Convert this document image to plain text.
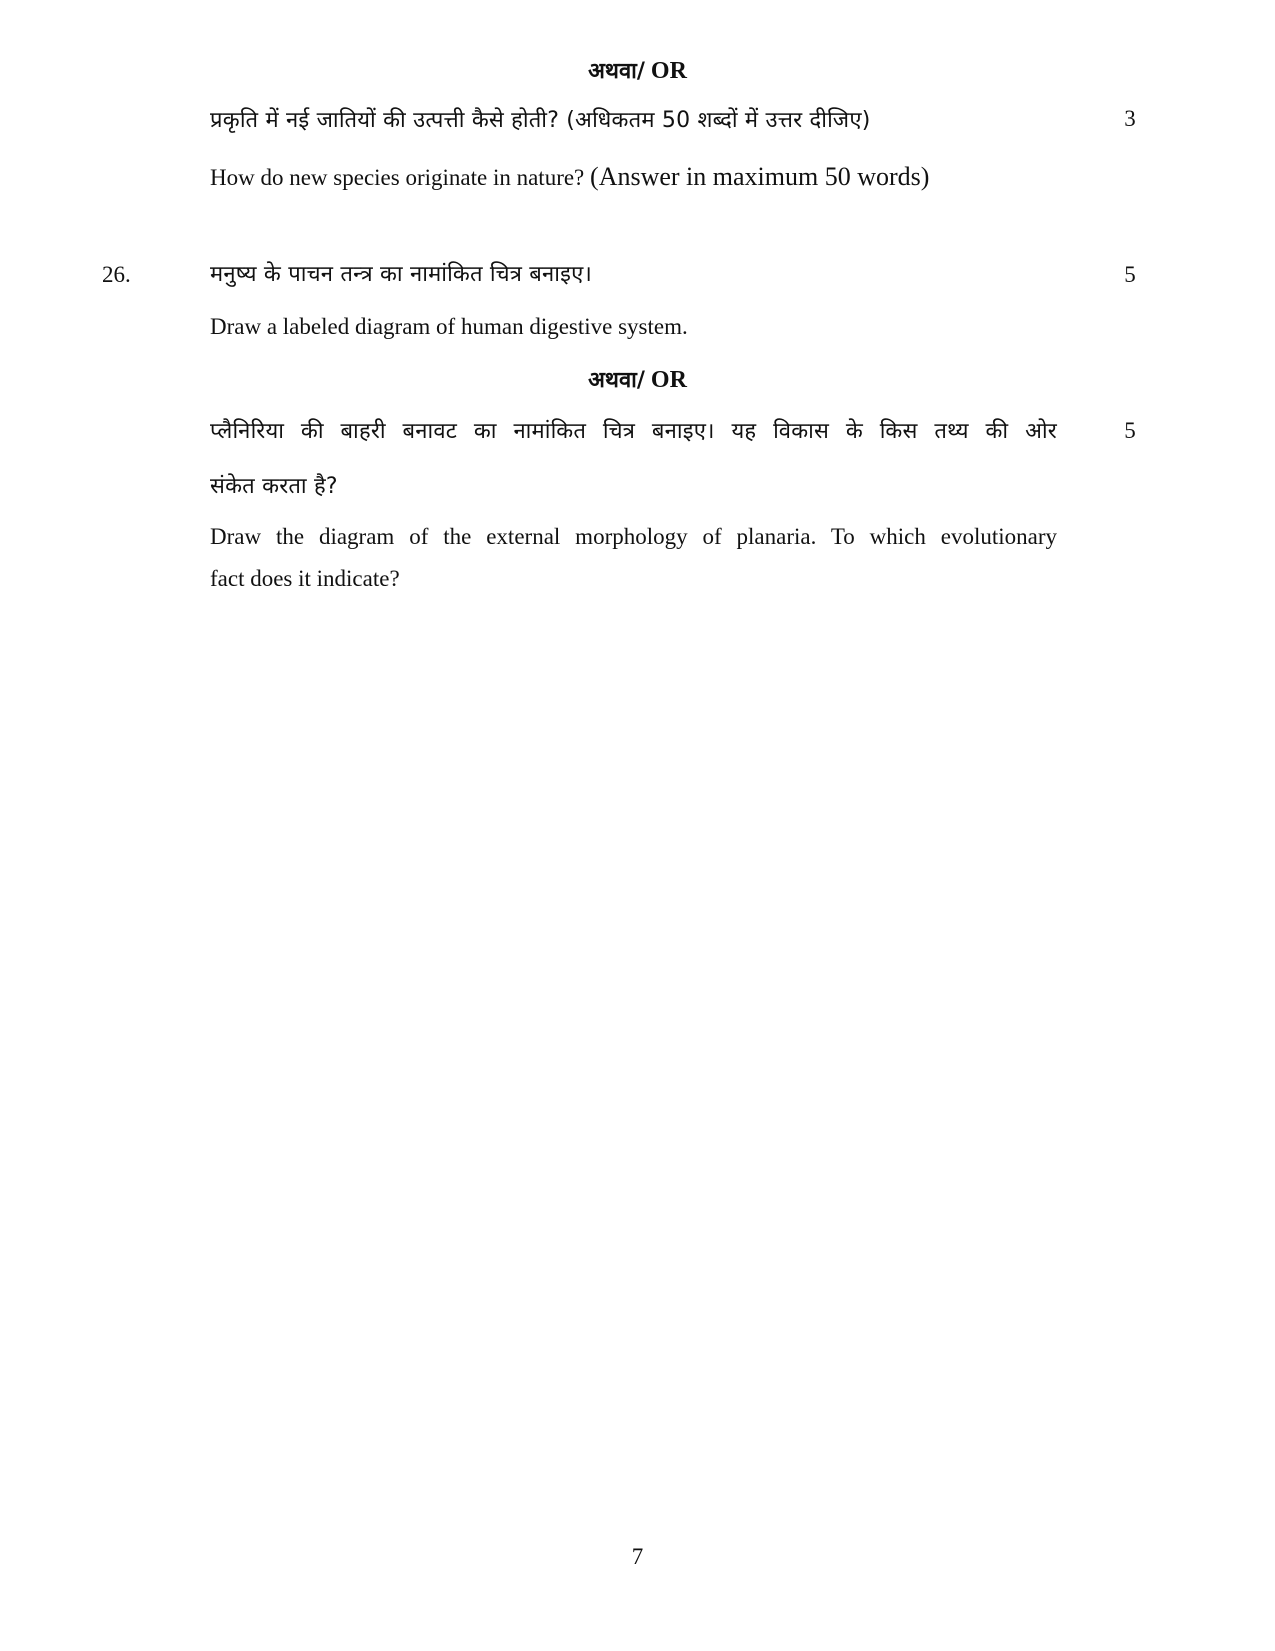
अथवा/ OR
प्रकृति में नई जातियों की उत्पत्ती कैसे होती? (अधिकतम 50 शब्दों में उत्तर दीजिए)	3
How do new species originate in nature? (Answer in maximum 50 words)
26.	मनुष्य के पाचन तन्त्र का नामांकित चित्र बनाइए।	5
Draw a labeled diagram of human digestive system.
अथवा/ OR
प्लैनिरिया की बाहरी बनावट का नामांकित चित्र बनाइए। यह विकास के किस तथ्य की ओर	5
संकेत करता है?
Draw the diagram of the external morphology of planaria. To which evolutionary
fact does it indicate?
7
